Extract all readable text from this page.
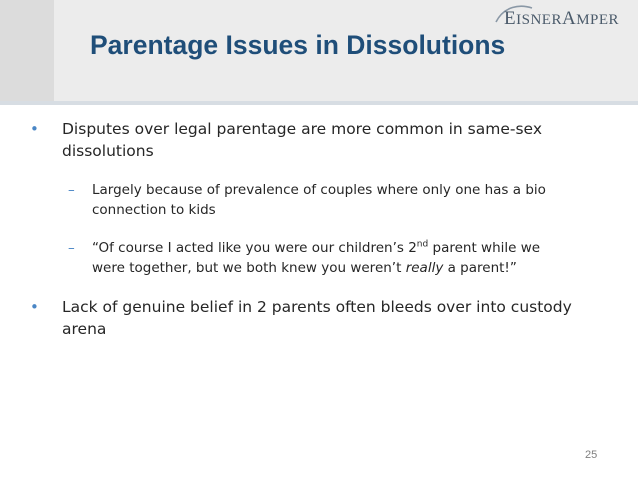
EISNERAMPER
Parentage Issues in Dissolutions
• Disputes over legal parentage are more common in same-sex dissolutions
– Largely because of prevalence of couples where only one has a bio connection to kids
– “Of course I acted like you were our children’s 2nd parent while we were together, but we both knew you weren’t really a parent!”
• Lack of genuine belief in 2 parents often bleeds over into custody arena
25
